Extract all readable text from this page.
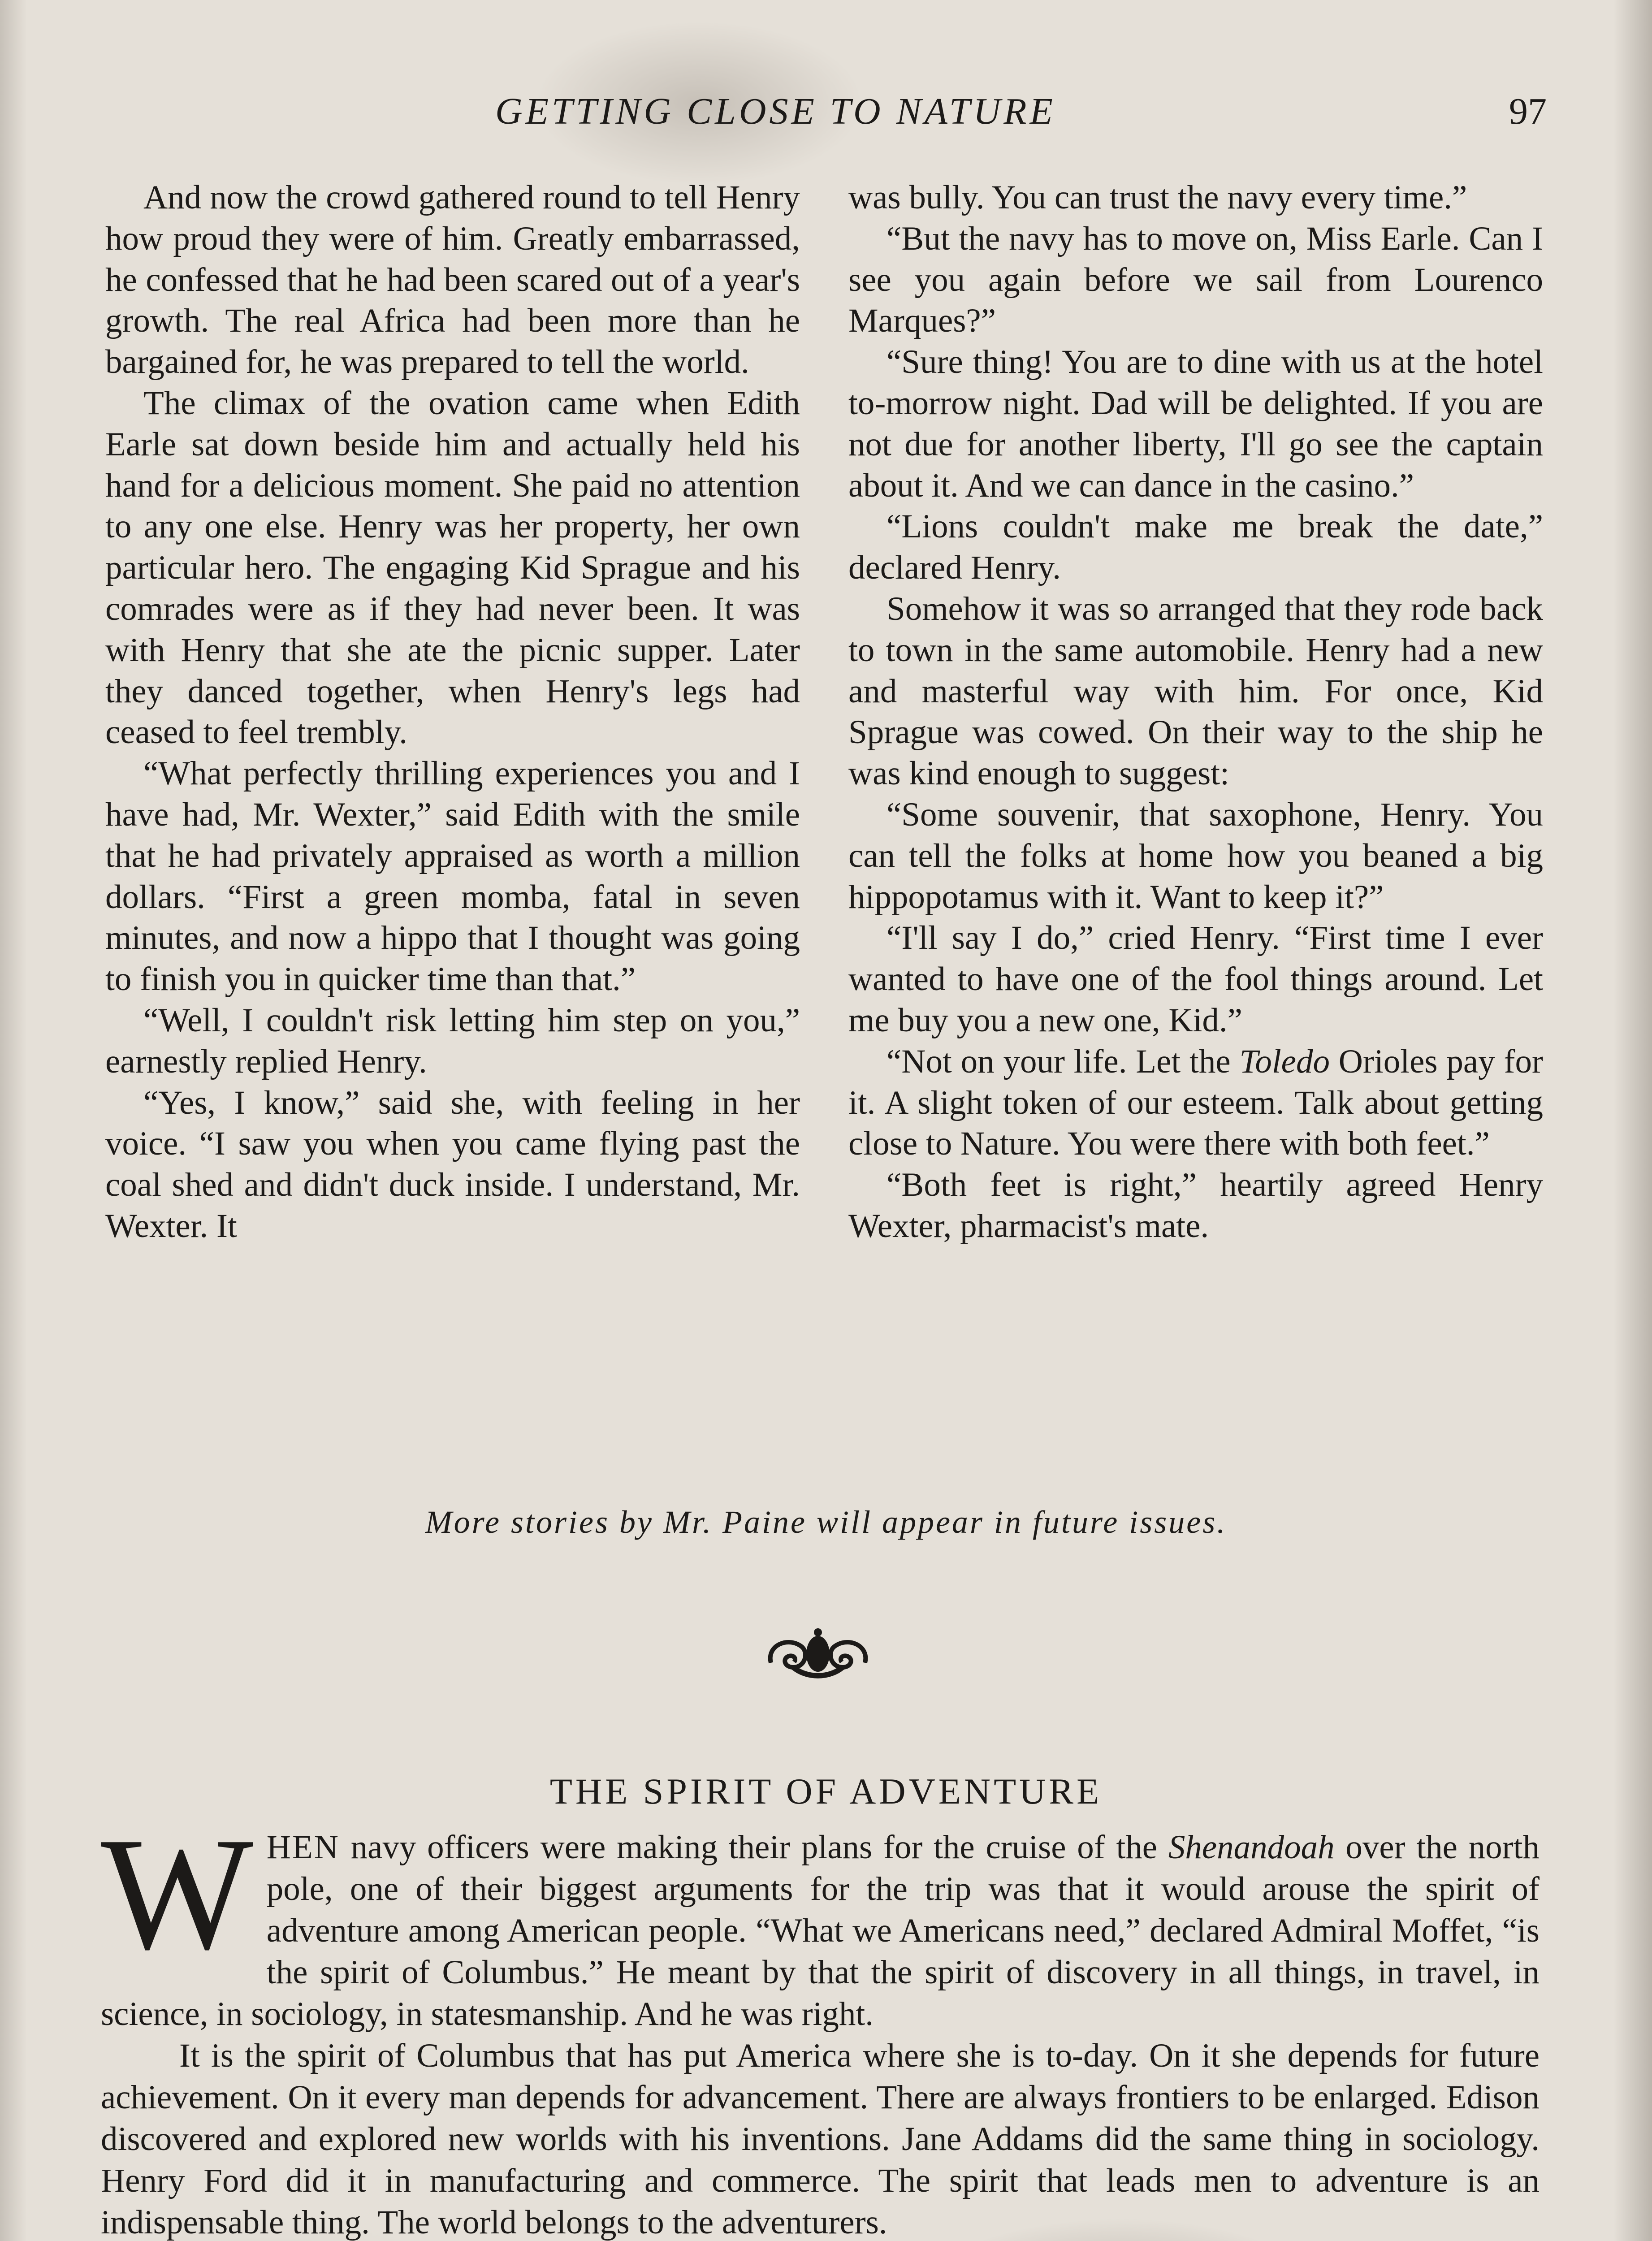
GETTING CLOSE TO NATURE	97

And now the crowd gathered round to tell Henry how proud they were of him. Greatly embarrassed, he confessed that he had been scared out of a year's growth. The real Africa had been more than he bargained for, he was prepared to tell the world.

The climax of the ovation came when Edith Earle sat down beside him and actually held his hand for a delicious moment. She paid no attention to any one else. Henry was her property, her own particular hero. The engaging Kid Sprague and his comrades were as if they had never been. It was with Henry that she ate the picnic supper. Later they danced together, when Henry's legs had ceased to feel trembly.

“What perfectly thrilling experiences you and I have had, Mr. Wexter,” said Edith with the smile that he had privately appraised as worth a million dollars. “First a green momba, fatal in seven minutes, and now a hippo that I thought was going to finish you in quicker time than that.”

“Well, I couldn't risk letting him step on you,” earnestly replied Henry.

“Yes, I know,” said she, with feeling in her voice. “I saw you when you came flying past the coal shed and didn't duck inside. I understand, Mr. Wexter. It

was bully. You can trust the navy every time.”

“But the navy has to move on, Miss Earle. Can I see you again before we sail from Lourenco Marques?”

“Sure thing! You are to dine with us at the hotel to-morrow night. Dad will be delighted. If you are not due for another liberty, I'll go see the captain about it. And we can dance in the casino.”

“Lions couldn't make me break the date,” declared Henry.

Somehow it was so arranged that they rode back to town in the same automobile. Henry had a new and masterful way with him. For once, Kid Sprague was cowed. On their way to the ship he was kind enough to suggest:

“Some souvenir, that saxophone, Henry. You can tell the folks at home how you beaned a big hippopotamus with it. Want to keep it?”

“I'll say I do,” cried Henry. “First time I ever wanted to have one of the fool things around. Let me buy you a new one, Kid.”

“Not on your life. Let the Toledo Orioles pay for it. A slight token of our esteem. Talk about getting close to Nature. You were there with both feet.”

“Both feet is right,” heartily agreed Henry Wexter, pharmacist's mate.

More stories by Mr. Paine will appear in future issues.
THE SPIRIT OF ADVENTURE

WHEN navy officers were making their plans for the cruise of the Shenandoah over the north pole, one of their biggest arguments for the trip was that it would arouse the spirit of adventure among American people. “What we Americans need,” declared Admiral Moffet, “is the spirit of Columbus.” He meant by that the spirit of discovery in all things, in travel, in science, in sociology, in statesmanship. And he was right.

It is the spirit of Columbus that has put America where she is to-day. On it she depends for future achievement. On it every man depends for advancement. There are always frontiers to be enlarged. Edison discovered and explored new worlds with his inventions. Jane Addams did the same thing in sociology. Henry Ford did it in manufacturing and commerce. The spirit that leads men to adventure is an indispensable thing. The world belongs to the adventurers.
